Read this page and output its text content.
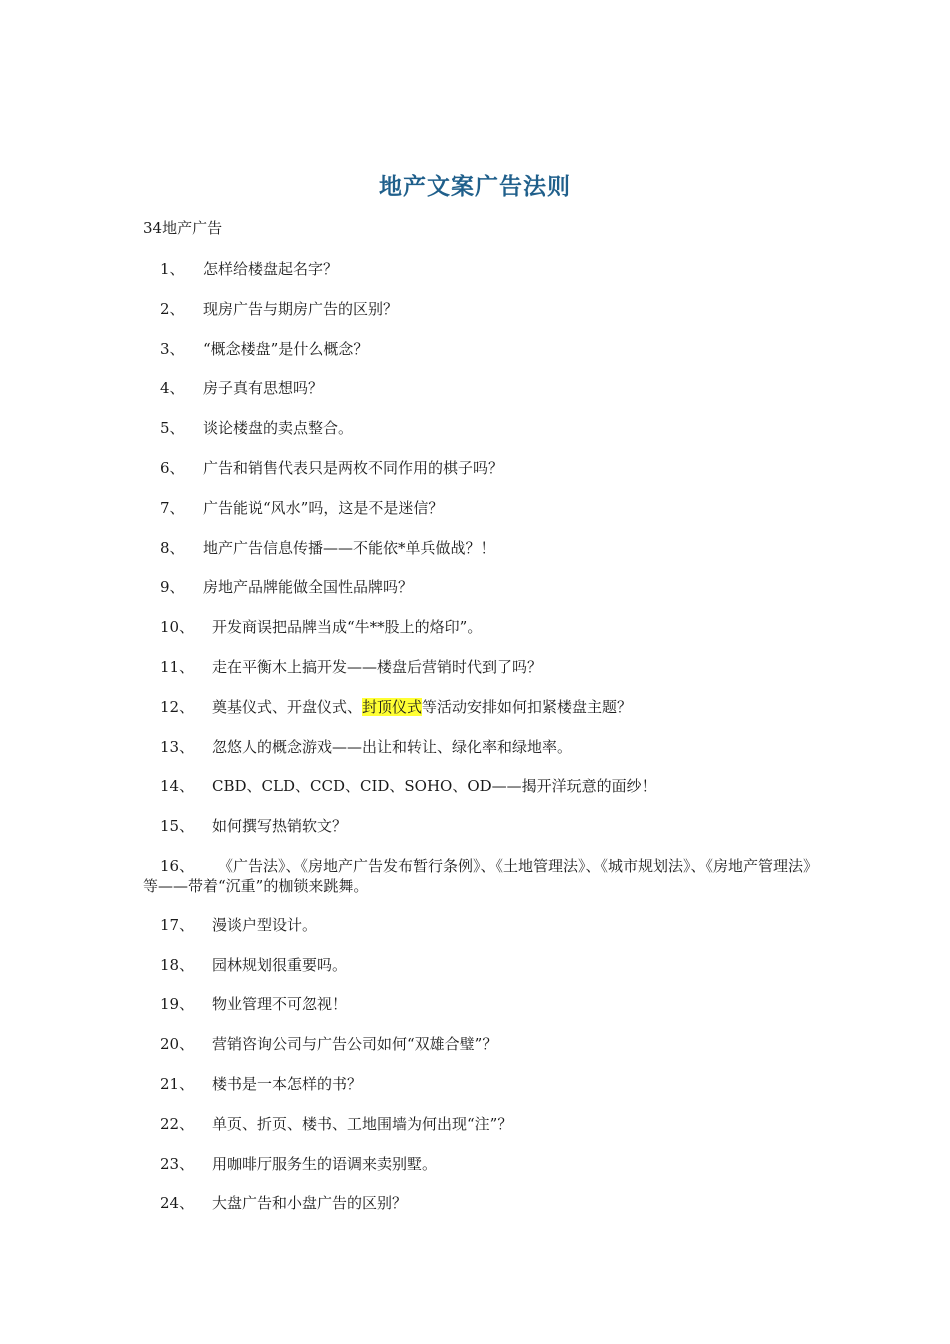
地产文案广告法则
34地产广告
1、 怎样给楼盘起名字？
2、 现房广告与期房广告的区别？
3、 “概念楼盘”是什么概念？
4、 房子真有思想吗？
5、 谈论楼盘的卖点整合。
6、 广告和销售代表只是两枚不同作用的棋子吗？
7、 广告能说“风水”吗，这是不是迷信？
8、 地产广告信息传播——不能依*单兵做战？！
9、 房地产品牌能做全国性品牌吗？
10、 开发商误把品牌当成“牛**股上的烙印”。
11、 走在平衡木上搞开发——楼盘后营销时代到了吗？
12、 奠基仪式、开盘仪式、封顶仪式等活动安排如何扣紧楼盘主题？
13、 忽悠人的概念游戏——出让和转让、绿化率和绿地率。
14、 CBD、CLD、CCD、CID、SOHO、OD——揭开洋玩意的面纱！
15、 如何撰写热销软文？
16、	《广告法》、《房地产广告发布暂行条例》、《土地管理法》、《城市规划法》、《房地产管理法》等——带着“沉重”的枷锁来跳舞。
17、 漫谈户型设计。
18、 园林规划很重要吗。
19、 物业管理不可忽视！
20、 营销咨询公司与广告公司如何“双雄合璧”？
21、 楼书是一本怎样的书？
22、 单页、折页、楼书、工地围墙为何出现“注”？
23、 用咖啡厅服务生的语调来卖别墅。
24、 大盘广告和小盘广告的区别？
